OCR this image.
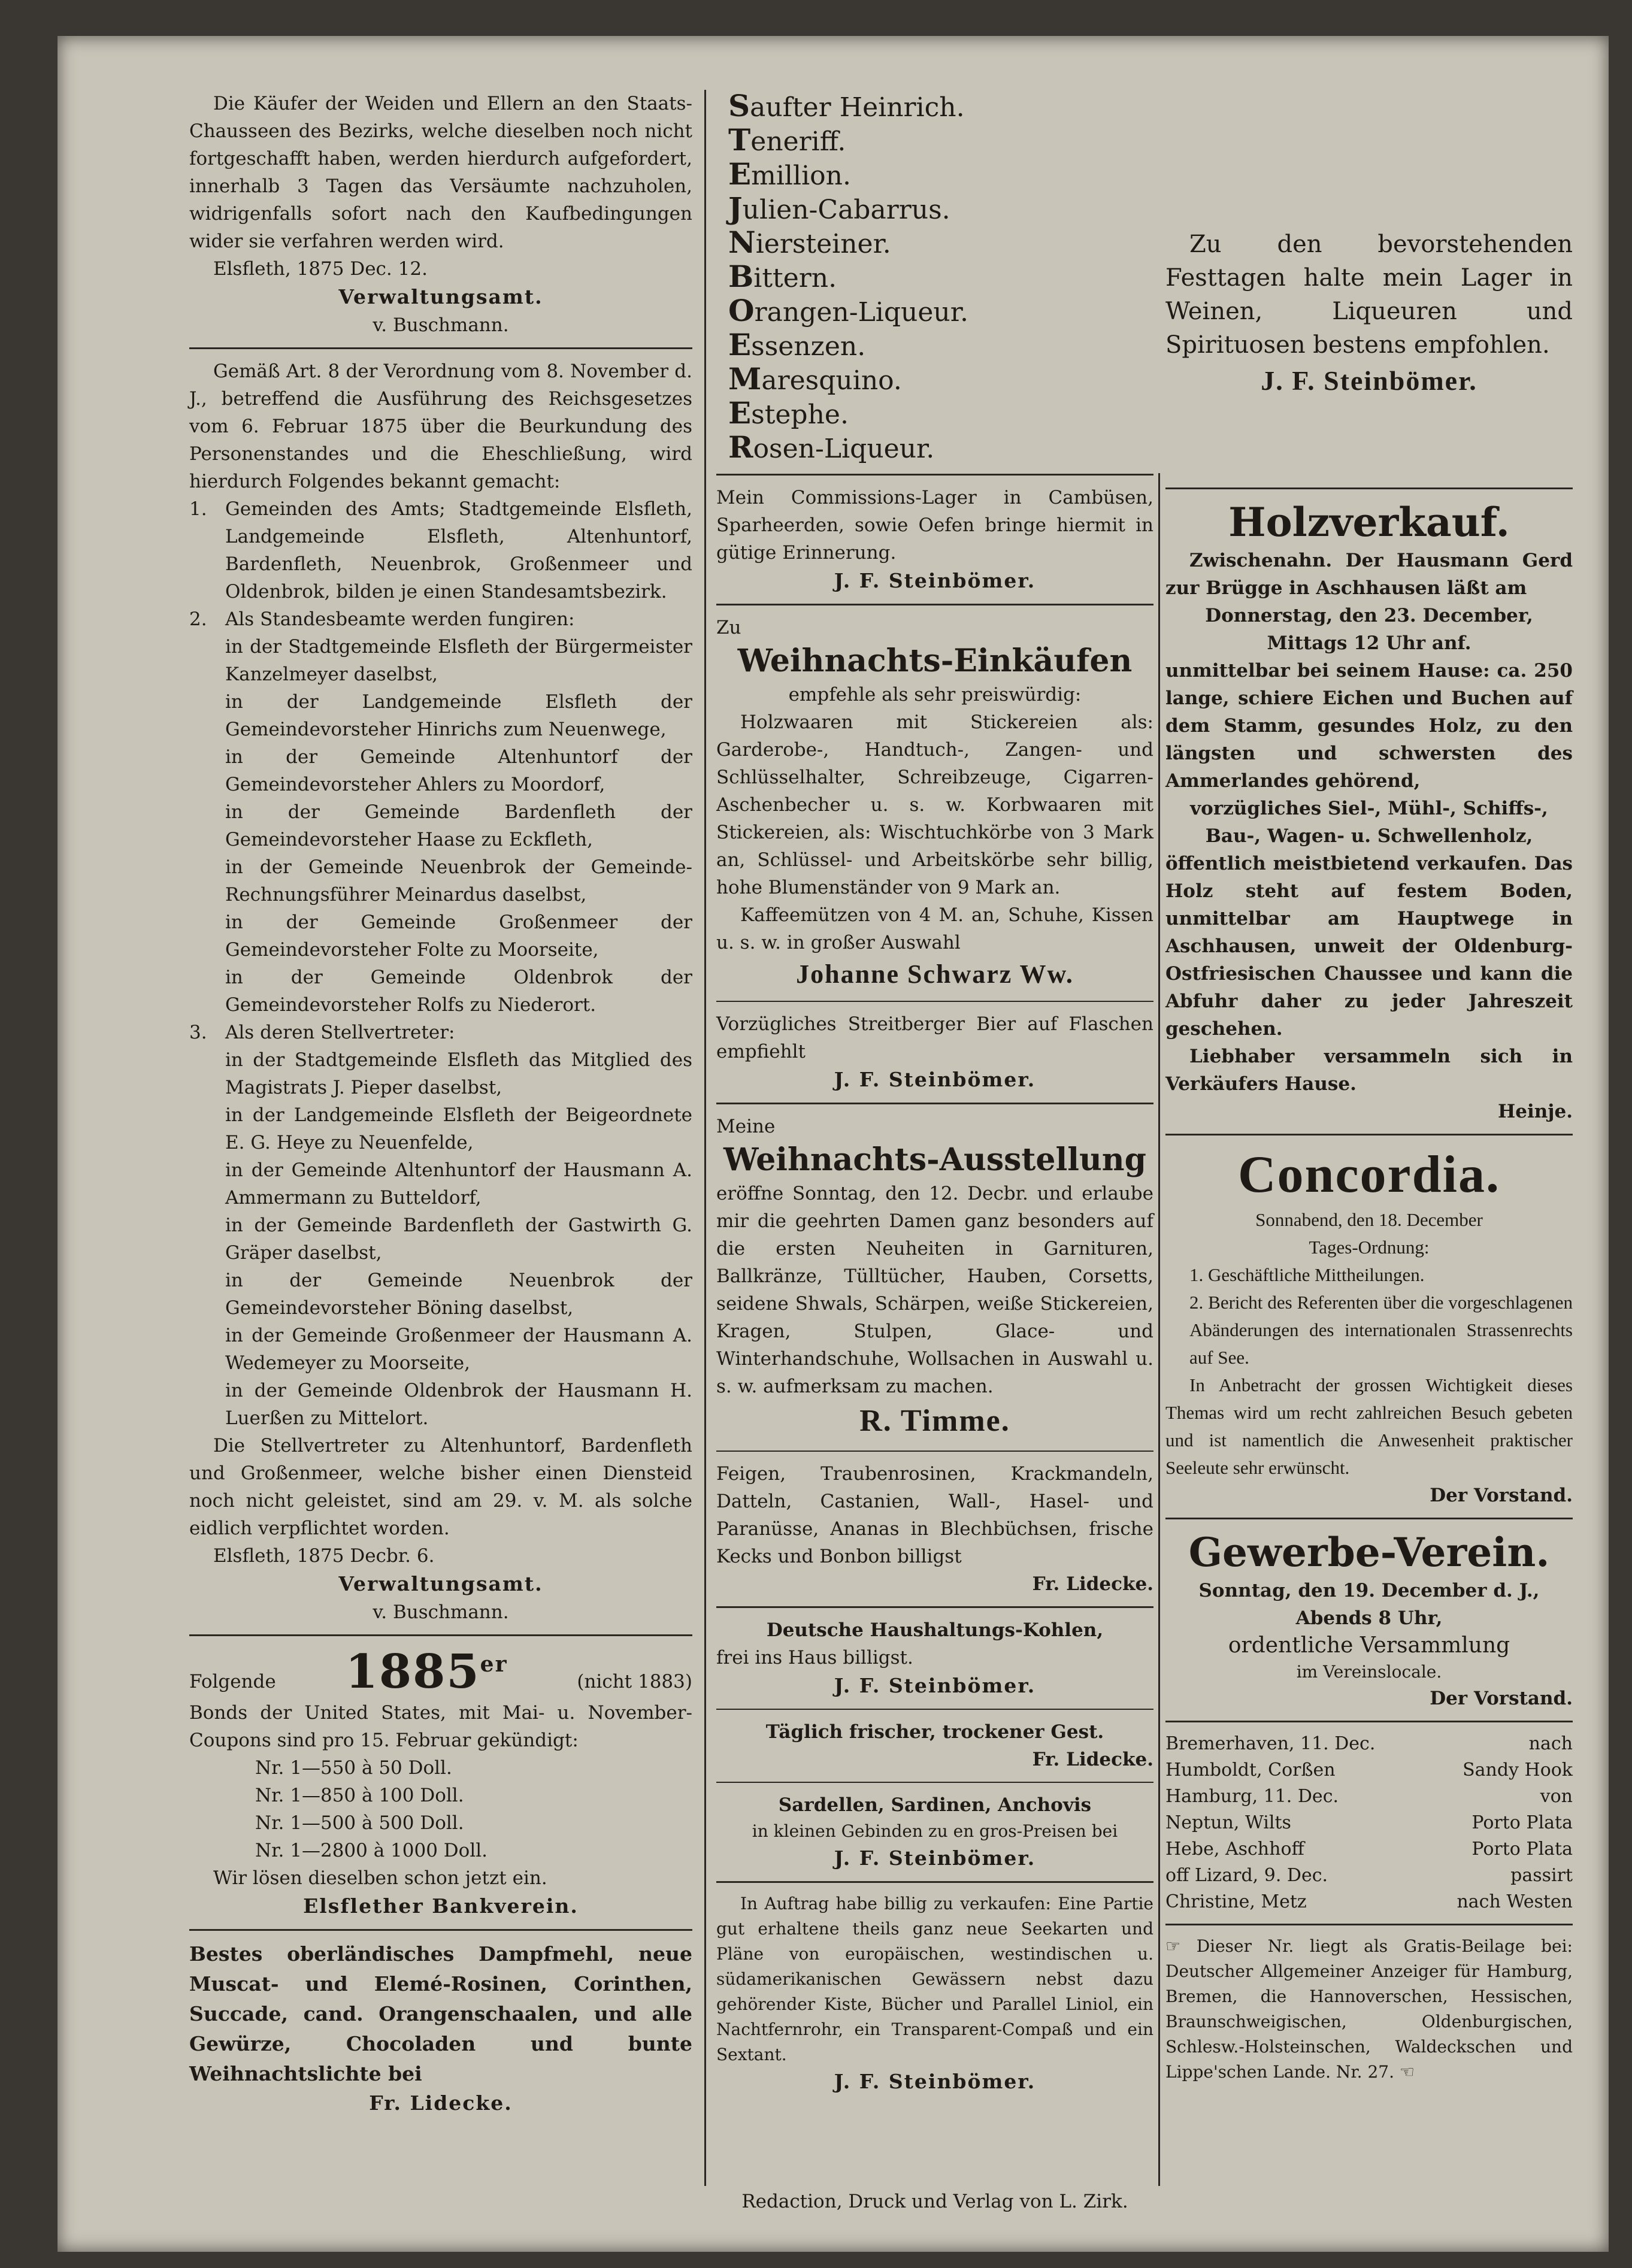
Die Käufer der Weiden und Ellern an den Staats-Chausseen des Bezirks, welche dieselben noch nicht fortgeschafft haben, werden hierdurch aufgefordert, innerhalb 3 Tagen das Versäumte nachzuholen, widrigenfalls sofort nach den Kaufbedingungen wider sie verfahren werden wird.

Elsfleth, 1875 Dec. 12.

Verwaltungsamt.

v. Buschmann.

Gemäß Art. 8 der Verordnung vom 8. November d. J., betreffend die Ausführung des Reichsgesetzes vom 6. Februar 1875 über die Beurkundung des Personenstandes und die Eheschließung, wird hierdurch Folgendes bekannt gemacht:

1. Gemeinden des Amts; Stadtgemeinde Elsfleth, Landgemeinde Elsfleth, Altenhuntorf, Bardenfleth, Neuenbrok, Großenmeer und Oldenbrok, bilden je einen Standesamtsbezirk.
2. Als Standesbeamte werden fungiren:

in der Stadtgemeinde Elsfleth der Bürgermeister Kanzelmeyer daselbst,

in der Landgemeinde Elsfleth der Gemeindevorsteher Hinrichs zum Neuenwege,

in der Gemeinde Altenhuntorf der Gemeindevorsteher Ahlers zu Moordorf,

in der Gemeinde Bardenfleth der Gemeindevorsteher Haase zu Eckfleth,

in der Gemeinde Neuenbrok der Gemeinde-Rechnungsführer Meinardus daselbst,

in der Gemeinde Großenmeer der Gemeindevorsteher Folte zu Moorseite,

in der Gemeinde Oldenbrok der Gemeindevorsteher Rolfs zu Niederort.

3. Als deren Stellvertreter:

in der Stadtgemeinde Elsfleth das Mitglied des Magistrats J. Pieper daselbst,

in der Landgemeinde Elsfleth der Beigeordnete E. G. Heye zu Neuenfelde,

in der Gemeinde Altenhuntorf der Hausmann A. Ammermann zu Butteldorf,

in der Gemeinde Bardenfleth der Gastwirth G. Gräper daselbst,

in der Gemeinde Neuenbrok der Gemeindevorsteher Böning daselbst,

in der Gemeinde Großenmeer der Hausmann A. Wedemeyer zu Moorseite,

in der Gemeinde Oldenbrok der Hausmann H. Luerßen zu Mittelort.

Die Stellvertreter zu Altenhuntorf, Bardenfleth und Großenmeer, welche bisher einen Diensteid noch nicht geleistet, sind am 29. v. M. als solche eidlich verpflichtet worden.

Elsfleth, 1875 Decbr. 6.

Verwaltungsamt.

v. Buschmann.

Folgende 1885er
(nicht 1883)

Bonds der United States, mit Mai- u. November-Coupons sind pro 15. Februar gekündigt:

Nr. 1—550 à 50 Doll.

Nr. 1—850 à 100 Doll.

Nr. 1—500 à 500 Doll.

Nr. 1—2800 à 1000 Doll.

Wir lösen dieselben schon jetzt ein.

Elsflether Bankverein.

Bestes oberländisches Dampfmehl, neue Muscat- und Elemé-Rosinen, Corinthen, Succade, cand. Orangenschaalen, und alle Gewürze, Chocoladen und bunte Weihnachtslichte bei

Fr. Lidecke.

Saufter Heinrich.

Teneriff.

Emillion.

Julien-Cabarrus.

Niersteiner.

Bittern.

Orangen-Liqueur.

Essenzen.

Maresquino.

Estephe.

Rosen-Liqueur.

Mein Commissions-Lager in Cambüsen, Sparheerden, sowie Oefen bringe hiermit in gütige Erinnerung.

J. F. Steinbömer.

Zu

Weihnachts-Einkäufen

empfehle als sehr preiswürdig:

Holzwaaren mit Stickereien als: Garderobe-, Handtuch-, Zangen- und Schlüsselhalter, Schreibzeuge, Cigarren-Aschenbecher u. s. w. Korbwaaren mit Stickereien, als: Wischtuchkörbe von 3 Mark an, Schlüssel- und Arbeitskörbe sehr billig, hohe Blumenständer von 9 Mark an.

Kaffeemützen von 4 M. an, Schuhe, Kissen u. s. w. in großer Auswahl

Johanne Schwarz Ww.

Vorzügliches Streitberger Bier auf Flaschen empfiehlt

J. F. Steinbömer.

Meine

Weihnachts-Ausstellung

eröffne Sonntag, den 12. Decbr. und erlaube mir die geehrten Damen ganz besonders auf die ersten Neuheiten in Garnituren, Ballkränze, Tülltücher, Hauben, Corsetts, seidene Shwals, Schärpen, weiße Stickereien, Kragen, Stulpen, Glace- und Winterhandschuhe, Wollsachen in Auswahl u. s. w. aufmerksam zu machen.

R. Timme.

Feigen, Traubenrosinen, Krackmandeln, Datteln, Castanien, Wall-, Hasel- und Paranüsse, Ananas in Blechbüchsen, frische Kecks und Bonbon billigst

Fr. Lidecke.

Deutsche Haushaltungs-Kohlen,

frei ins Haus billigst.

J. F. Steinbömer.

Täglich frischer, trockener Gest.

Fr. Lidecke.

Sardellen, Sardinen, Anchovis

in kleinen Gebinden zu en gros-Preisen bei

J. F. Steinbömer.

In Auftrag habe billig zu verkaufen: Eine Partie gut erhaltene theils ganz neue Seekarten und Pläne von europäischen, westindischen u. südamerikanischen Gewässern nebst dazu gehörender Kiste, Bücher und Parallel Liniol, ein Nachtfernrohr, ein Transparent-Compaß und ein Sextant.

J. F. Steinbömer.

Zu den bevorstehenden Festtagen halte mein Lager in Weinen, Liqueuren und Spirituosen bestens empfohlen.

J. F. Steinbömer.

Holzverkauf.

Zwischenahn. Der Hausmann Gerd zur Brügge in Aschhausen läßt am

Donnerstag, den 23. December, Mittags 12 Uhr anf.

unmittelbar bei seinem Hause: ca. 250 lange, schiere Eichen und Buchen auf dem Stamm, gesundes Holz, zu den längsten und schwersten des Ammerlandes gehörend,

vorzügliches Siel-, Mühl-, Schiffs-, Bau-, Wagen- u. Schwellenholz,

öffentlich meistbietend verkaufen. Das Holz steht auf festem Boden, unmittelbar am Hauptwege in Aschhausen, unweit der Oldenburg-Ostfriesischen Chaussee und kann die Abfuhr daher zu jeder Jahreszeit geschehen.

Liebhaber versammeln sich in Verkäufers Hause.

Heinje.

Concordia.

Sonnabend, den 18. December

Tages-Ordnung:

1. Geschäftliche Mittheilungen.

2. Bericht des Referenten über die vorgeschlagenen Abänderungen des internationalen Strassenrechts auf See.

In Anbetracht der grossen Wichtigkeit dieses Themas wird um recht zahlreichen Besuch gebeten und ist namentlich die Anwesenheit praktischer Seeleute sehr erwünscht.

Der Vorstand.

Gewerbe-Verein.

Sonntag, den 19. December d. J., Abends 8 Uhr,

ordentliche Versammlung

im Vereinslocale.

Der Vorstand.

Bremerhaven, 11. Dec.	nach
Humboldt, Corßen	Sandy Hook
Hamburg, 11. Dec.	von
Neptun, Wilts	Porto Plata
Hebe, Aschhoff	Porto Plata
off Lizard, 9. Dec.	passirt
Christine, Metz	nach Westen

☞ Dieser Nr. liegt als Gratis-Beilage bei: Deutscher Allgemeiner Anzeiger für Hamburg, Bremen, die Hannoverschen, Hessischen, Braunschweigischen, Oldenburgischen, Schlesw.-Holsteinschen, Waldeckschen und Lippe'schen Lande. Nr. 27. ☜

Redaction, Druck und Verlag von L. Zirk.
